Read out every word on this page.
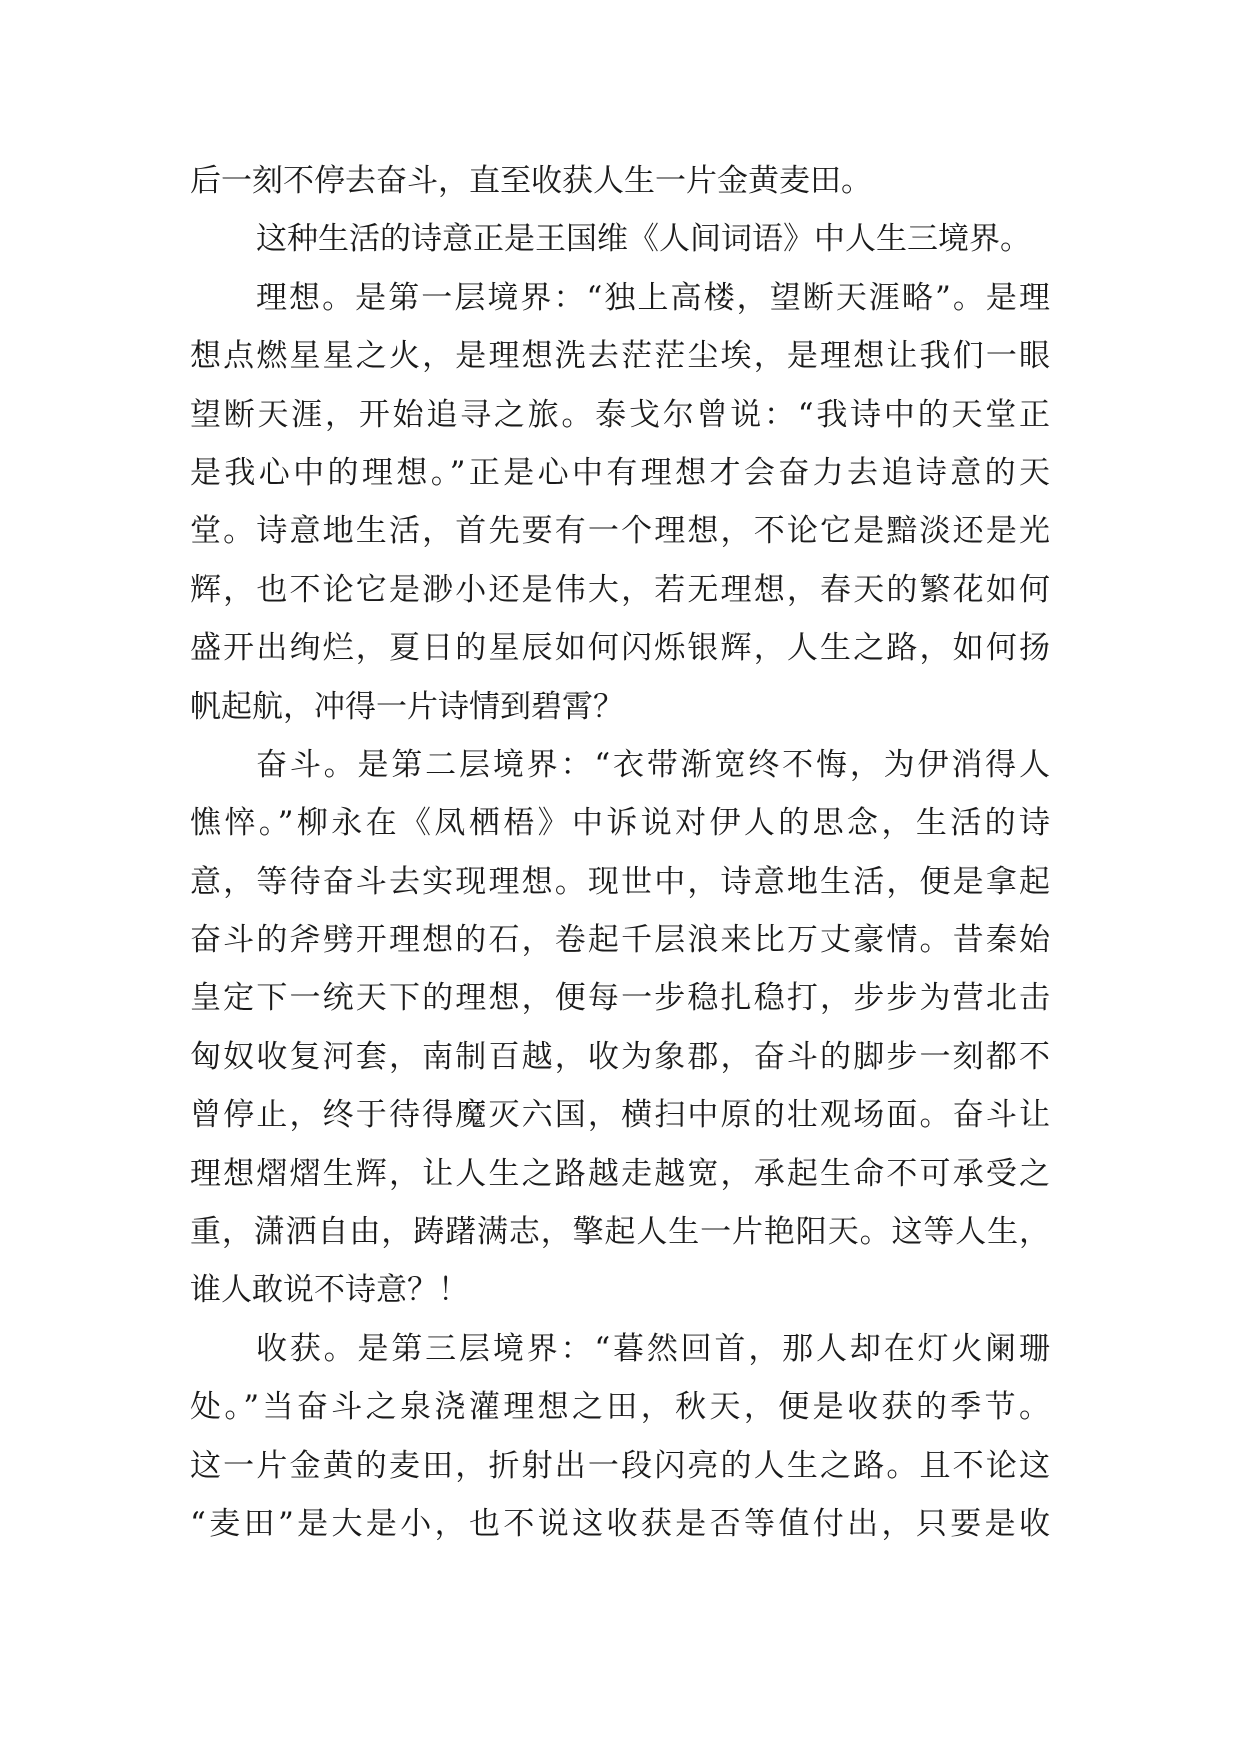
后一刻不停去奋斗，直至收获人生一片金黄麦田。
这种生活的诗意正是王国维《人间词语》中人生三境界。
理想。是第一层境界：“独上高楼，望断天涯略”。是理
想点燃星星之火，是理想洗去茫茫尘埃，是理想让我们一眼
望断天涯，开始追寻之旅。泰戈尔曾说：“我诗中的天堂正
是我心中的理想。”正是心中有理想才会奋力去追诗意的天
堂。诗意地生活，首先要有一个理想，不论它是黯淡还是光
辉，也不论它是渺小还是伟大，若无理想，春天的繁花如何
盛开出绚烂，夏日的星辰如何闪烁银辉，人生之路，如何扬
帆起航，冲得一片诗情到碧霄？
奋斗。是第二层境界：“衣带渐宽终不悔，为伊消得人
憔悴。”柳永在《凤栖梧》中诉说对伊人的思念，生活的诗
意，等待奋斗去实现理想。现世中，诗意地生活，便是拿起
奋斗的斧劈开理想的石，卷起千层浪来比万丈豪情。昔秦始
皇定下一统天下的理想，便每一步稳扎稳打，步步为营北击
匈奴收复河套，南制百越，收为象郡，奋斗的脚步一刻都不
曾停止，终于待得魔灭六国，横扫中原的壮观场面。奋斗让
理想熠熠生辉，让人生之路越走越宽，承起生命不可承受之
重，潇洒自由，踌躇满志，擎起人生一片艳阳天。这等人生，
谁人敢说不诗意？！
收获。是第三层境界：“暮然回首，那人却在灯火阑珊
处。”当奋斗之泉浇灌理想之田，秋天，便是收获的季节。
这一片金黄的麦田，折射出一段闪亮的人生之路。且不论这
“麦田”是大是小，也不说这收获是否等值付出，只要是收
